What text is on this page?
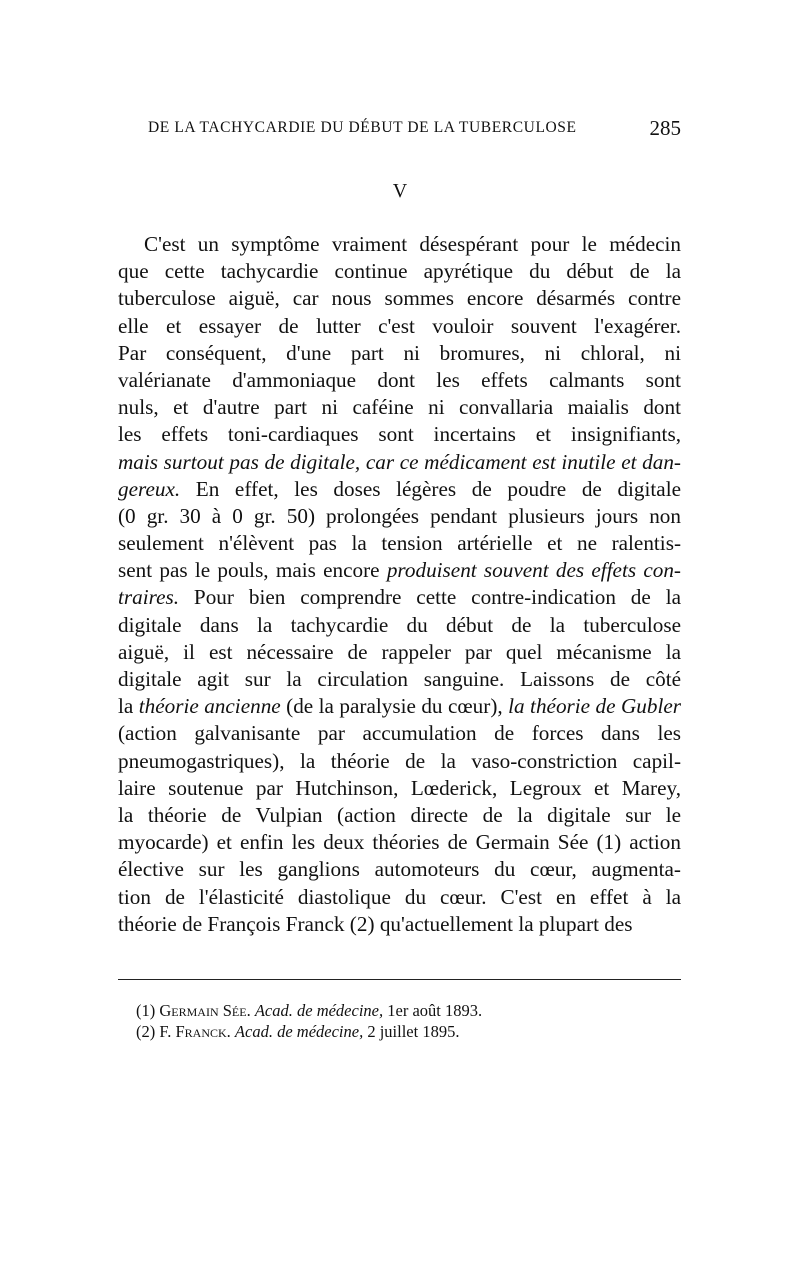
DE LA TACHYCARDIE DU DÉBUT DE LA TUBERCULOSE	285
V
C'est un symptôme vraiment désespérant pour le médecin
que cette tachycardie continue apyrétique du début de la
tuberculose aiguë, car nous sommes encore désarmés contre
elle et essayer de lutter c'est vouloir souvent l'exagérer.
Par conséquent, d'une part ni bromures, ni chloral, ni
valérianate d'ammoniaque dont les effets calmants sont
nuls, et d'autre part ni caféine ni convallaria maialis dont
les effets toni-cardiaques sont incertains et insignifiants,
mais surtout pas de digitale, car ce médicament est inutile et dan-
gereux. En effet, les doses légères de poudre de digitale
(0 gr. 30 à 0 gr. 50) prolongées pendant plusieurs jours non
seulement n'élèvent pas la tension artérielle et ne ralentis-
sent pas le pouls, mais encore produisent souvent des effets con-
traires. Pour bien comprendre cette contre-indication de la
digitale dans la tachycardie du début de la tuberculose
aiguë, il est nécessaire de rappeler par quel mécanisme la
digitale agit sur la circulation sanguine. Laissons de côté
la théorie ancienne (de la paralysie du cœur), la théorie de Gubler
(action galvanisante par accumulation de forces dans les
pneumogastriques), la théorie de la vaso-constriction capil-
laire soutenue par Hutchinson, Lœderick, Legroux et Marey,
la théorie de Vulpian (action directe de la digitale sur le
myocarde) et enfin les deux théories de Germain Sée (1) action
élective sur les ganglions automoteurs du cœur, augmenta-
tion de l'élasticité diastolique du cœur. C'est en effet à la
théorie de François Franck (2) qu'actuellement la plupart des
(1) Germain Sée. Acad. de médecine, 1er août 1893.
(2) F. Franck. Acad. de médecine, 2 juillet 1895.
